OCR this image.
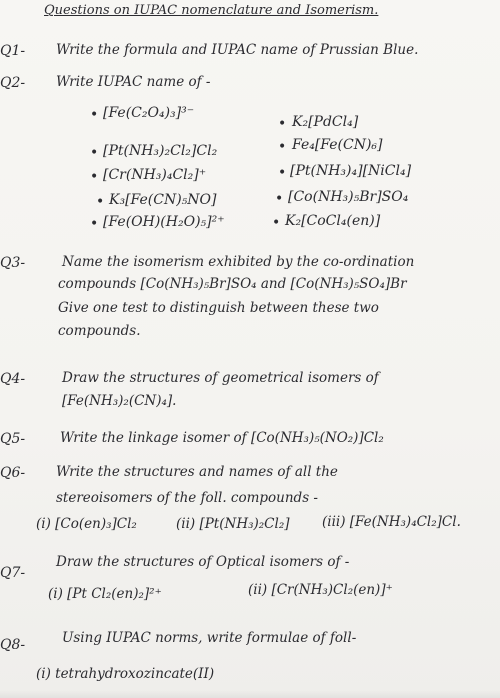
Questions on IUPAC nomenclature and Isomerism.
Q1- Write the formula and IUPAC name of Prussian Blue.
Q2- Write IUPAC name of -
• [Fe(C₂O₄)₃]³⁻
• [Pt(NH₃)₂Cl₂]Cl₂
• [Cr(NH₃)₄Cl₂]⁺
• K₃[Fe(CN)₅NO]
• [Fe(OH)(H₂O)₅]²⁺
• K₂[PdCl₄]
• Fe₄[Fe(CN)₆]
• [Pt(NH₃)₄][NiCl₄]
• [Co(NH₃)₅Br]SO₄
• K₂[CoCl₄(en)]
Q3-	Name the isomerism exhibited by the co-ordination
compounds [Co(NH₃)₅Br]SO₄ and [Co(NH₃)₅SO₄]Br
Give one test to distinguish between these two
compounds.
Q4-	Draw the structures of geometrical isomers of
[Fe(NH₃)₂(CN)₄].
Q5-	Write the linkage isomer of [Co(NH₃)₅(NO₂)]Cl₂
Q6- Write the structures and names of all the
stereoisomers of the foll. compounds -
(i) [Co(en)₃]Cl₂	(ii) [Pt(NH₃)₂Cl₂] (iii) [Fe(NH₃)₄Cl₂]Cl.
Q7-
Draw the structures of Optical isomers of -
(i) [Pt Cl₂(en)₂]²⁺	(ii) [Cr(NH₃)Cl₂(en)]⁺
Q8-	Using IUPAC norms, write formulae of foll-
(i) tetrahydroxozincate(II)
